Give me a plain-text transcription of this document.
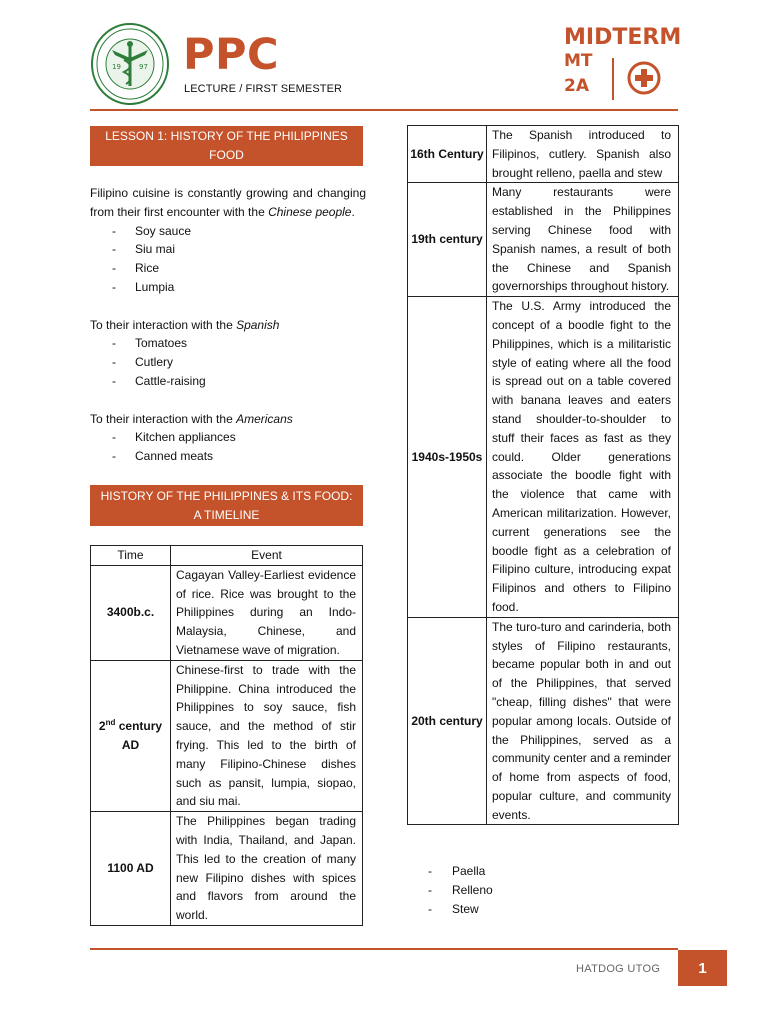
19	97 PPC
LECTURE / FIRST SEMESTER
MIDTERM
MT
2A
LESSON 1: HISTORY OF THE PHILIPPINES FOOD

Filipino cuisine is constantly growing and changing from their first encounter with the Chinese people.

-	Soy sauce
-	Siu mai
-	Rice
-	Lumpia

To their interaction with the Spanish

-	Tomatoes
-	Cutlery
-	Cattle-raising

To their interaction with the Americans

-	Kitchen appliances
-	Canned meats
HISTORY OF THE PHILIPPINES & ITS FOOD: A TIMELINE
Time	Event
3400b.c.	Cagayan Valley-Earliest evidence of rice. Rice was brought to the Philippines during an Indo-Malaysia, Chinese, and Vietnamese wave of migration.
2nd century AD	Chinese-first to trade with the Philippine. China introduced the Philippines to soy sauce, fish sauce, and the method of stir frying. This led to the birth of many Filipino-Chinese dishes such as pansit, lumpia, siopao, and siu mai.
1100 AD	The Philippines began trading with India, Thailand, and Japan. This led to the creation of many new Filipino dishes with spices and flavors from around the world.
16th Century	The Spanish introduced to Filipinos, cutlery. Spanish also brought relleno, paella and stew
19th century	Many restaurants were established in the Philippines serving Chinese food with Spanish names, a result of both the Chinese and Spanish governorships throughout history.
1940s-1950s	The U.S. Army introduced the concept of a boodle fight to the Philippines, which is a militaristic style of eating where all the food is spread out on a table covered with banana leaves and eaters stand shoulder-to-shoulder to stuff their faces as fast as they could. Older generations associate the boodle fight with the violence that came with American militarization. However, current generations see the boodle fight as a celebration of Filipino culture, introducing expat Filipinos and others to Filipino food.
20th century	The turo-turo and carinderia, both styles of Filipino restaurants, became popular both in and out of the Philippines, that served "cheap, filling dishes" that were popular among locals. Outside of the Philippines, served as a community center and a reminder of home from aspects of food, popular culture, and community events.
- Paella
- Relleno
- Stew
HATDOG UTOG	1
